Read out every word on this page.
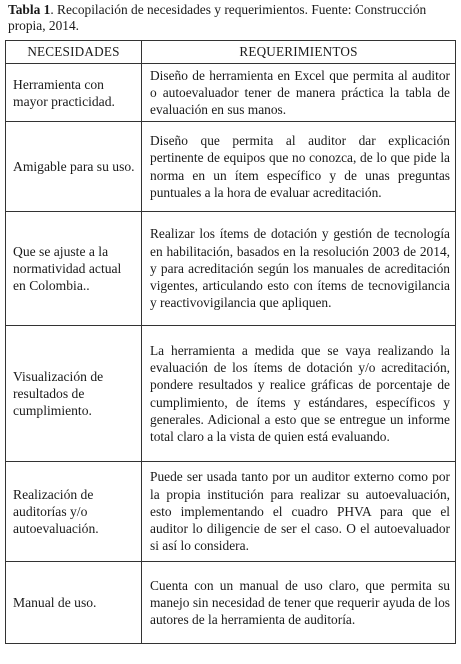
Tabla 1. Recopilación de necesidades y requerimientos. Fuente: Construcción propia, 2014.
NECESIDADES	REQUERIMIENTOS
Herramienta con mayor practicidad.	Diseño de herramienta en Excel que permita al auditor o autoevaluador tener de manera práctica la tabla de evaluación en sus manos.
Amigable para su uso.	Diseño que permita al auditor dar explicación pertinente de equipos que no conozca, de lo que pide la norma en un ítem específico y de unas preguntas puntuales a la hora de evaluar acreditación.
Que se ajuste a la normatividad actual en Colombia..	Realizar los ítems de dotación y gestión de tecnología en habilitación, basados en la resolución 2003 de 2014, y para acreditación según los manuales de acreditación vigentes, articulando esto con ítems de tecnovigilancia y reactivovigilancia que apliquen.
Visualización de resultados de cumplimiento.	La herramienta a medida que se vaya realizando la evaluación de los ítems de dotación y/o acreditación, pondere resultados y realice gráficas de porcentaje de cumplimiento, de ítems y estándares, específicos y generales. Adicional a esto que se entregue un informe total claro a la vista de quien está evaluando.
Realización de auditorías y/o autoevaluación.	Puede ser usada tanto por un auditor externo como por la propia institución para realizar su autoevaluación, esto implementando el cuadro PHVA para que el auditor lo diligencie de ser el caso. O el autoevaluador si así lo considera.
Manual de uso.	Cuenta con un manual de uso claro, que permita su manejo sin necesidad de tener que requerir ayuda de los autores de la herramienta de auditoría.
